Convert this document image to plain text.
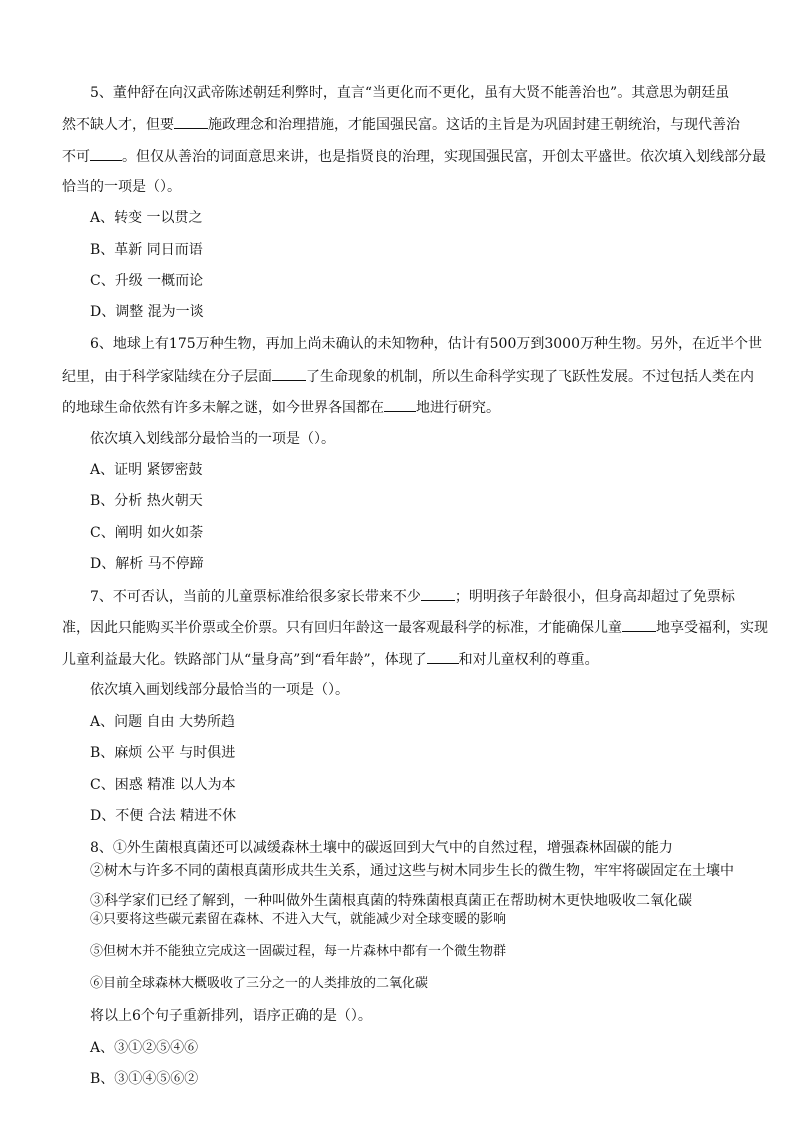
5、董仲舒在向汉武帝陈述朝廷利弊时，直言“当更化而不更化，虽有大贤不能善治也”。其意思为朝廷虽
然不缺人才，但要 施政理念和治理措施，才能国强民富。这话的主旨是为巩固封建王朝统治，与现代善治
不可 。但仅从善治的词面意思来讲，也是指贤良的治理，实现国强民富，开创太平盛世。依次填入划线部分最
恰当的一项是（）。
A、转变 一以贯之
B、革新 同日而语
C、升级 一概而论
D、调整 混为一谈
6、地球上有175万种生物，再加上尚未确认的未知物种，估计有500万到3000万种生物。另外，在近半个世
纪里，由于科学家陆续在分子层面 了生命现象的机制，所以生命科学实现了飞跃性发展。不过包括人类在内
的地球生命依然有许多未解之谜，如今世界各国都在 地进行研究。
依次填入划线部分最恰当的一项是（）。
A、证明 紧锣密鼓
B、分析 热火朝天
C、阐明 如火如荼
D、解析 马不停蹄
7、不可否认，当前的儿童票标准给很多家长带来不少 ；明明孩子年龄很小，但身高却超过了免票标
准，因此只能购买半价票或全价票。只有回归年龄这一最客观最科学的标准，才能确保儿童 地享受福利，实现
儿童利益最大化。铁路部门从“量身高”到“看年龄”，体现了 和对儿童权利的尊重。
依次填入画划线部分最恰当的一项是（）。
A、问题 自由 大势所趋
B、麻烦 公平 与时俱进
C、困惑 精准 以人为本
D、不便 合法 精进不休
8、①外生菌根真菌还可以减缓森林土壤中的碳返回到大气中的自然过程，增强森林固碳的能力
②树木与许多不同的菌根真菌形成共生关系，通过这些与树木同步生长的微生物，牢牢将碳固定在土壤中
③科学家们已经了解到，一种叫做外生菌根真菌的特殊菌根真菌正在帮助树木更快地吸收二氧化碳
④只要将这些碳元素留在森林、不进入大气，就能减少对全球变暖的影响
⑤但树木并不能独立完成这一固碳过程，每一片森林中都有一个微生物群
⑥目前全球森林大概吸收了三分之一的人类排放的二氧化碳
将以上6个句子重新排列，语序正确的是（）。
A、③①②⑤④⑥
B、③①④⑤⑥②
